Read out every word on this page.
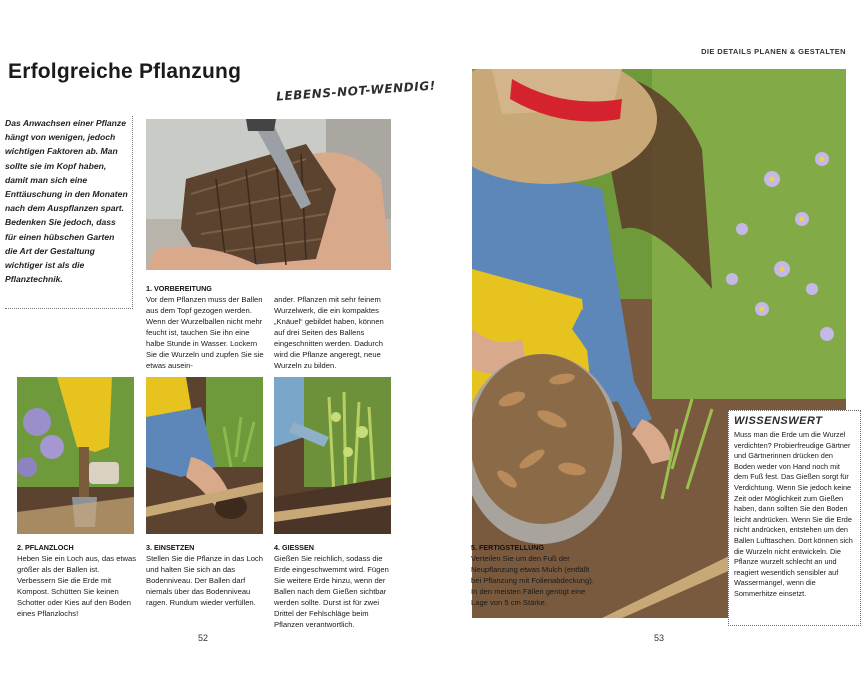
DIE DETAILS PLANEN & GESTALTEN
Erfolgreiche Pflanzung
LEBENS-NOT-WENDIG!

Das Anwachsen einer Pflanze hängt von wenigen, jedoch wichtigen Faktoren ab. Man sollte sie im Kopf haben, damit man sich eine Enttäuschung in den Monaten nach dem Auspflanzen spart. Bedenken Sie jedoch, dass für einen hübschen Garten die Art der Gestaltung wichtiger ist als die Pflanztechnik.

1. VORBEREITUNG
Vor dem Pflanzen muss der Ballen aus dem Topf gezogen werden. Wenn der Wurzelballen nicht mehr feucht ist, tauchen Sie ihn eine halbe Stunde in Wasser. Lockern Sie die Wurzeln und zupfen Sie sie etwas ausein-
ander. Pflanzen mit sehr feinem Wurzelwerk, die ein kompaktes „Knäuel“ gebildet haben, können auf drei Seiten des Ballens eingeschnitten werden. Dadurch wird die Pflanze angeregt, neue Wurzeln zu bilden.
2. PFLANZLOCH
Heben Sie ein Loch aus, das etwas größer als der Ballen ist. Verbessern Sie die Erde mit Kompost. Schütten Sie keinen Schotter oder Kies auf den Boden eines Pflanzlochs!
3. EINSETZEN
Stellen Sie die Pflanze in das Loch und halten Sie sich an das Bodenniveau. Der Ballen darf niemals über das Bodenniveau ragen. Rundum wieder verfüllen.
4. GIESSEN
Gießen Sie reichlich, sodass die Erde eingeschwemmt wird. Fügen Sie weitere Erde hinzu, wenn der Ballen nach dem Gießen sichtbar werden sollte. Durst ist für zwei Drittel der Fehlschläge beim Pflanzen verantwortlich.
52
5. FERTIGSTELLUNG
Verteilen Sie um den Fuß der Neupflanzung etwas Mulch (entfällt bei Pflanzung mit Folienabdeckung). In den meisten Fällen genügt eine Lage von 5 cm Stärke.
WISSENSWERT
Muss man die Erde um die Wurzel verdichten? Probierfreudige Gärtner und Gärtnerinnen drücken den Boden weder von Hand noch mit dem Fuß fest. Das Gießen sorgt für Verdichtung. Wenn Sie jedoch keine Zeit oder Möglichkeit zum Gießen haben, dann sollten Sie den Boden leicht andrücken. Wenn Sie die Erde nicht andrücken, entstehen um den Ballen Lufttaschen. Dort können sich die Wurzeln nicht entwickeln. Die Pflanze wurzelt schlecht an und reagiert wesentlich sensibler auf Wassermangel, wenn die Sommerhitze einsetzt.
53
